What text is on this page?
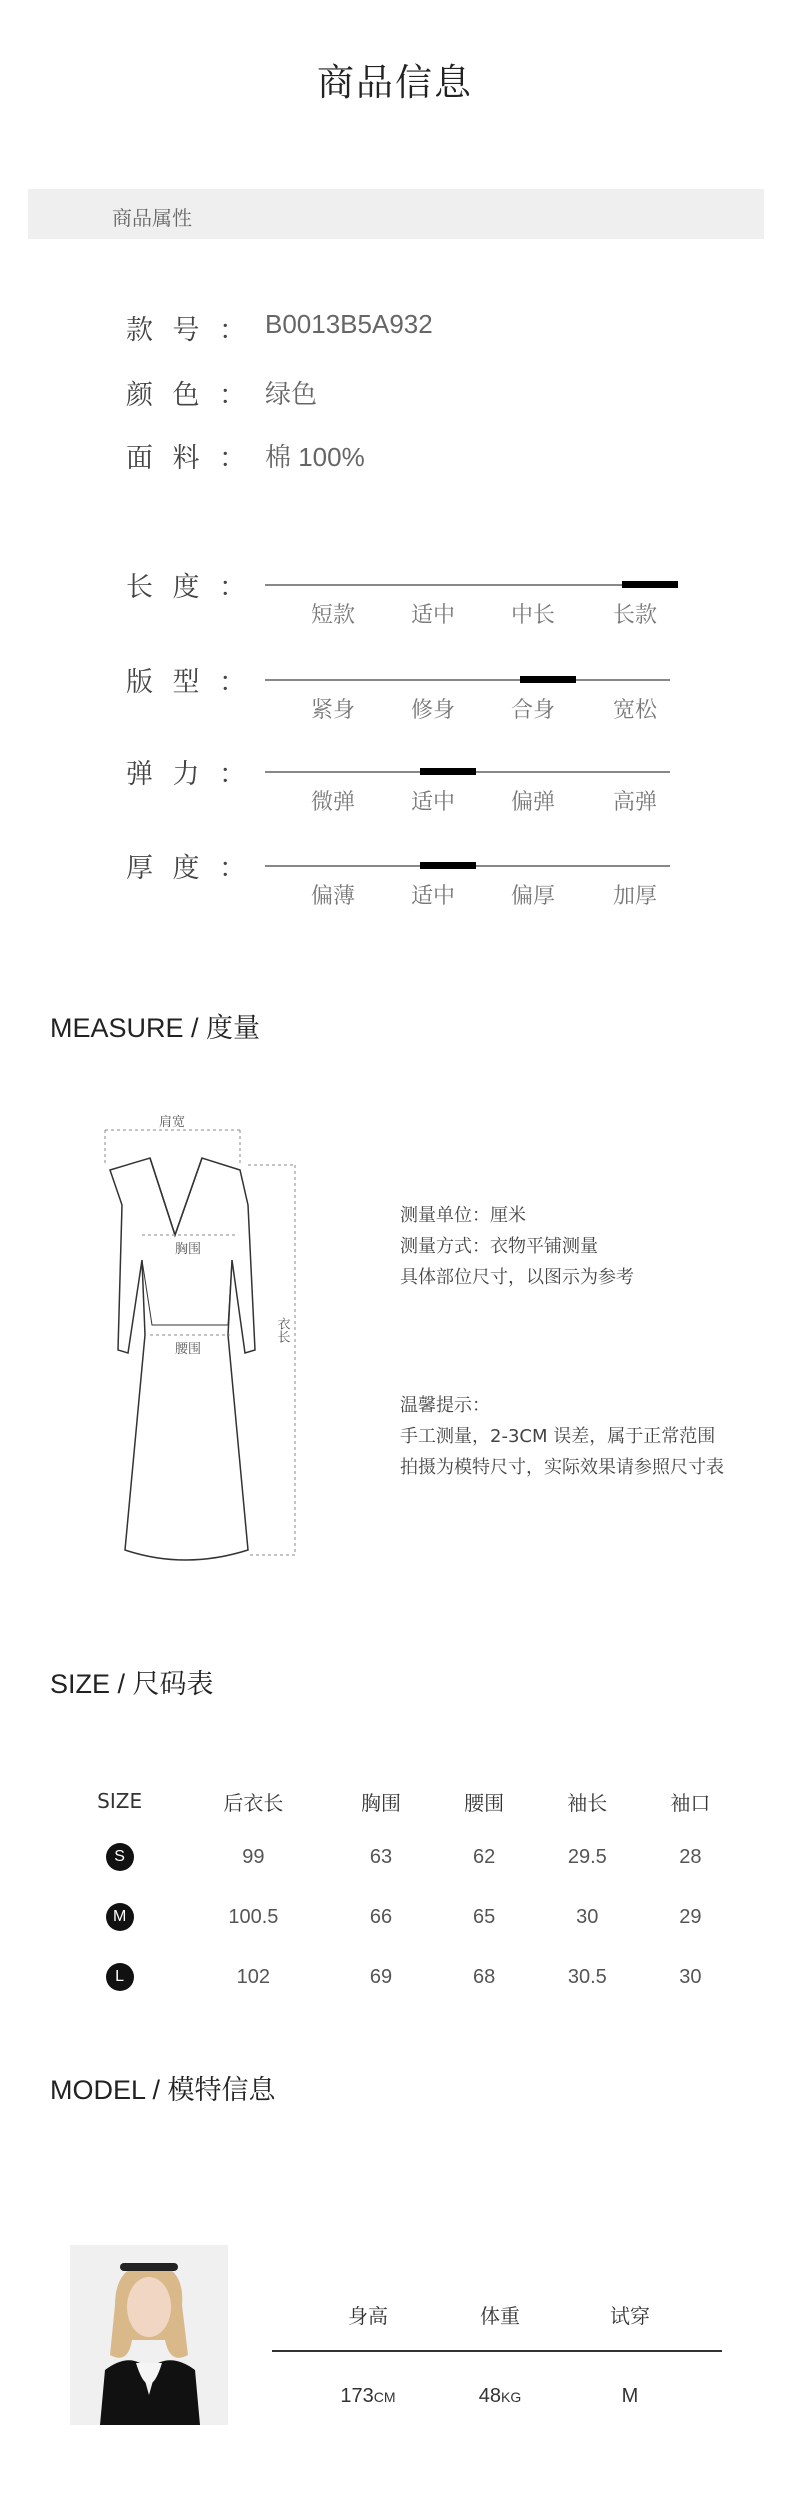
商品信息
商品属性
款 号 ： B0013B5A932
颜 色 ： 绿色
面 料 ： 棉 100%
长 度 ：
短款	适中	中长	长款
版 型 ：
紧身	修身	合身	宽松
弹 力 ：
微弹	适中	偏弹	高弹
厚 度 ：
偏薄	适中	偏厚	加厚
MEASURE / 度量
肩宽
胸围
腰围
衣长
测量单位：厘米
测量方式：衣物平铺测量
具体部位尺寸，以图示为参考
温馨提示：
手工测量，2-3CM 误差，属于正常范围
拍摄为模特尺寸，实际效果请参照尺寸表
SIZE / 尺码表
SIZE	后衣长	胸围	腰围	袖长	袖口
S	99	63	62	29.5	28
M	100.5	66	65	30	29
L	102	69	68	30.5	30
MODEL / 模特信息
身高	体重	试穿
173CM	48KG	M
